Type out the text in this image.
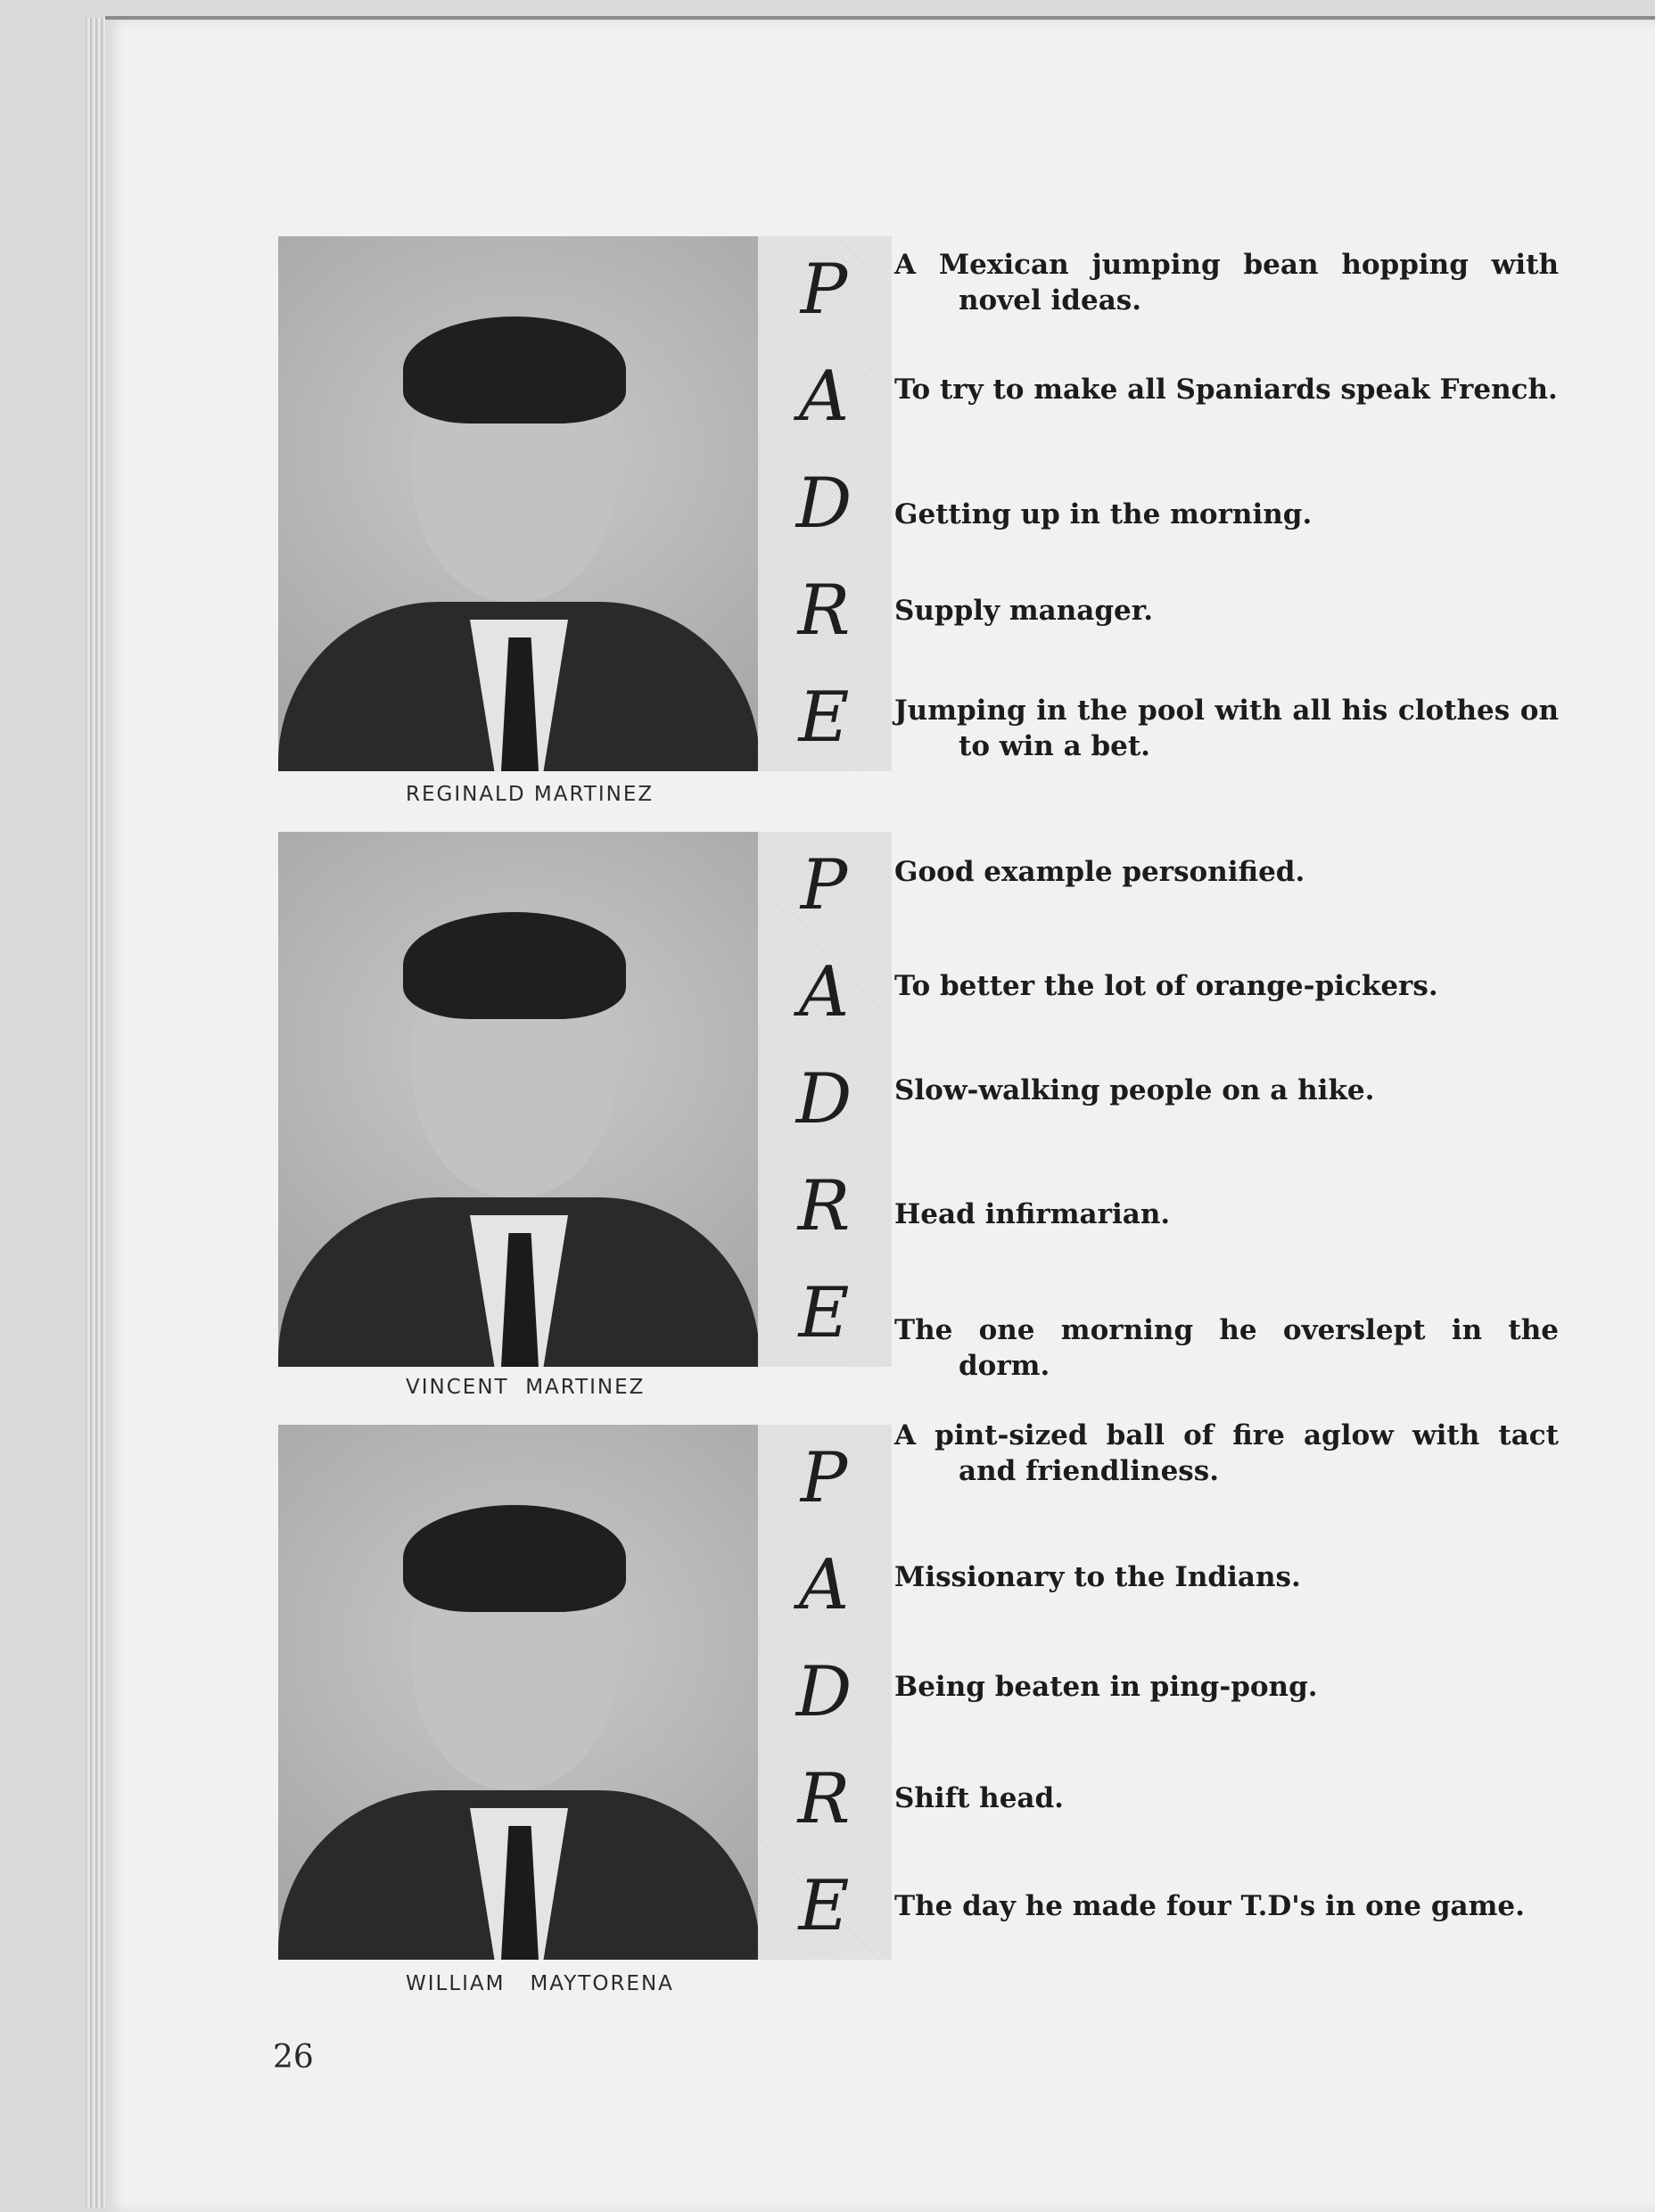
P
A
D
R
E
REGINALD MARTINEZ
A Mexican jumping bean hopping with novel ideas.
To try to make all Spaniards speak French.
Getting up in the morning.
Supply manager.
Jumping in the pool with all his clothes on to win a bet.
P
A
D
R
E
VINCENT  MARTINEZ
Good example personified.
To better the lot of orange-pickers.
Slow-walking people on a hike.
Head infirmarian.
The one morning he overslept in the dorm.
P
A
D
R
E
WILLIAM   MAYTORENA
A pint-sized ball of fire aglow with tact and friendliness.
Missionary to the Indians.
Being beaten in ping-pong.
Shift head.
The day he made four T.D's in one game.
26
